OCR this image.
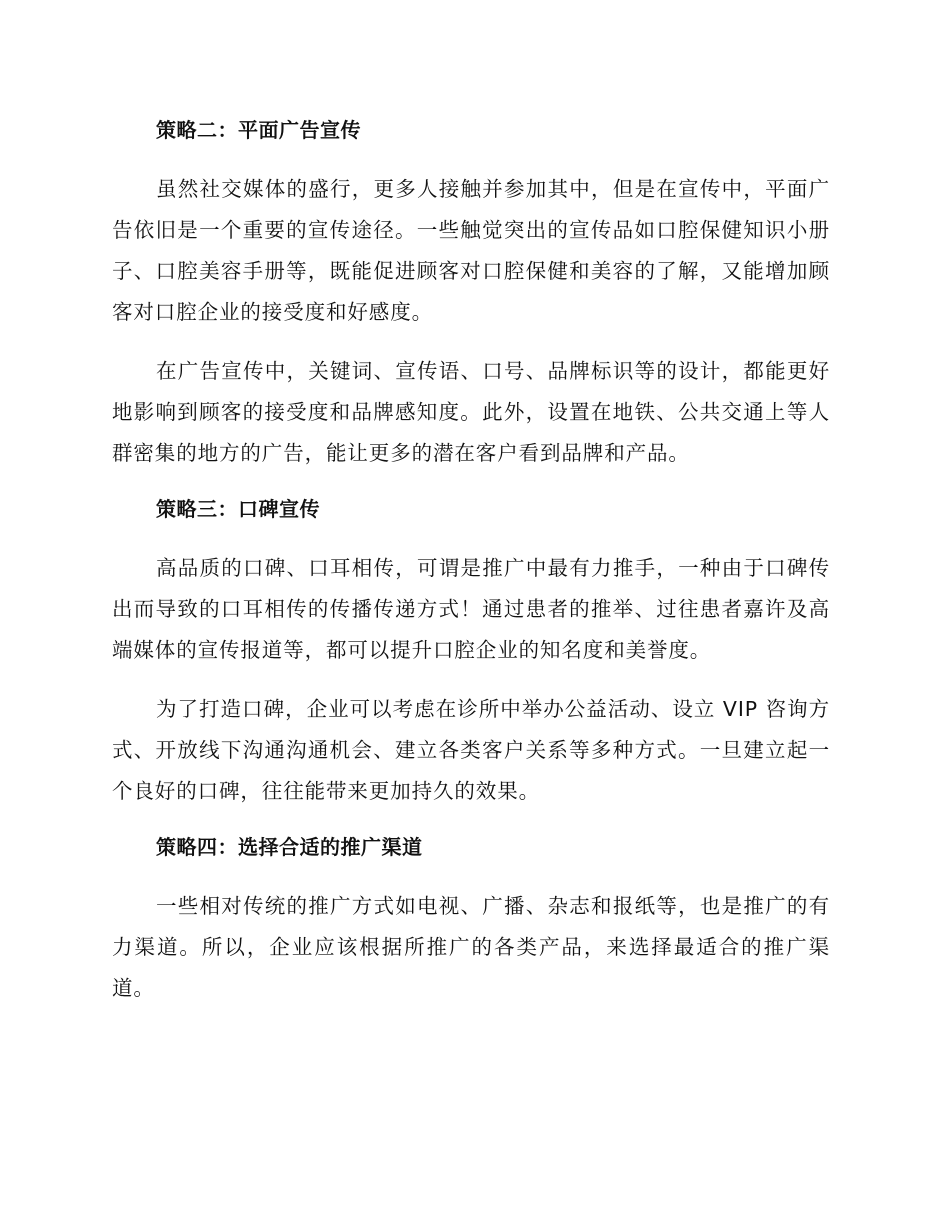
策略二：平面广告宣传

虽然社交媒体的盛行，更多人接触并参加其中，但是在宣传中，平面广告依旧是一个重要的宣传途径。一些触觉突出的宣传品如口腔保健知识小册子、口腔美容手册等，既能促进顾客对口腔保健和美容的了解，又能增加顾客对口腔企业的接受度和好感度。

在广告宣传中，关键词、宣传语、口号、品牌标识等的设计，都能更好地影响到顾客的接受度和品牌感知度。此外，设置在地铁、公共交通上等人群密集的地方的广告，能让更多的潜在客户看到品牌和产品。

策略三：口碑宣传

高品质的口碑、口耳相传，可谓是推广中最有力推手，一种由于口碑传出而导致的口耳相传的传播传递方式！通过患者的推举、过往患者嘉许及高端媒体的宣传报道等，都可以提升口腔企业的知名度和美誉度。

为了打造口碑，企业可以考虑在诊所中举办公益活动、设立 VIP 咨询方式、开放线下沟通沟通机会、建立各类客户关系等多种方式。一旦建立起一个良好的口碑，往往能带来更加持久的效果。

策略四：选择合适的推广渠道

一些相对传统的推广方式如电视、广播、杂志和报纸等，也是推广的有力渠道。所以，企业应该根据所推广的各类产品，来选择最适合的推广渠道。
